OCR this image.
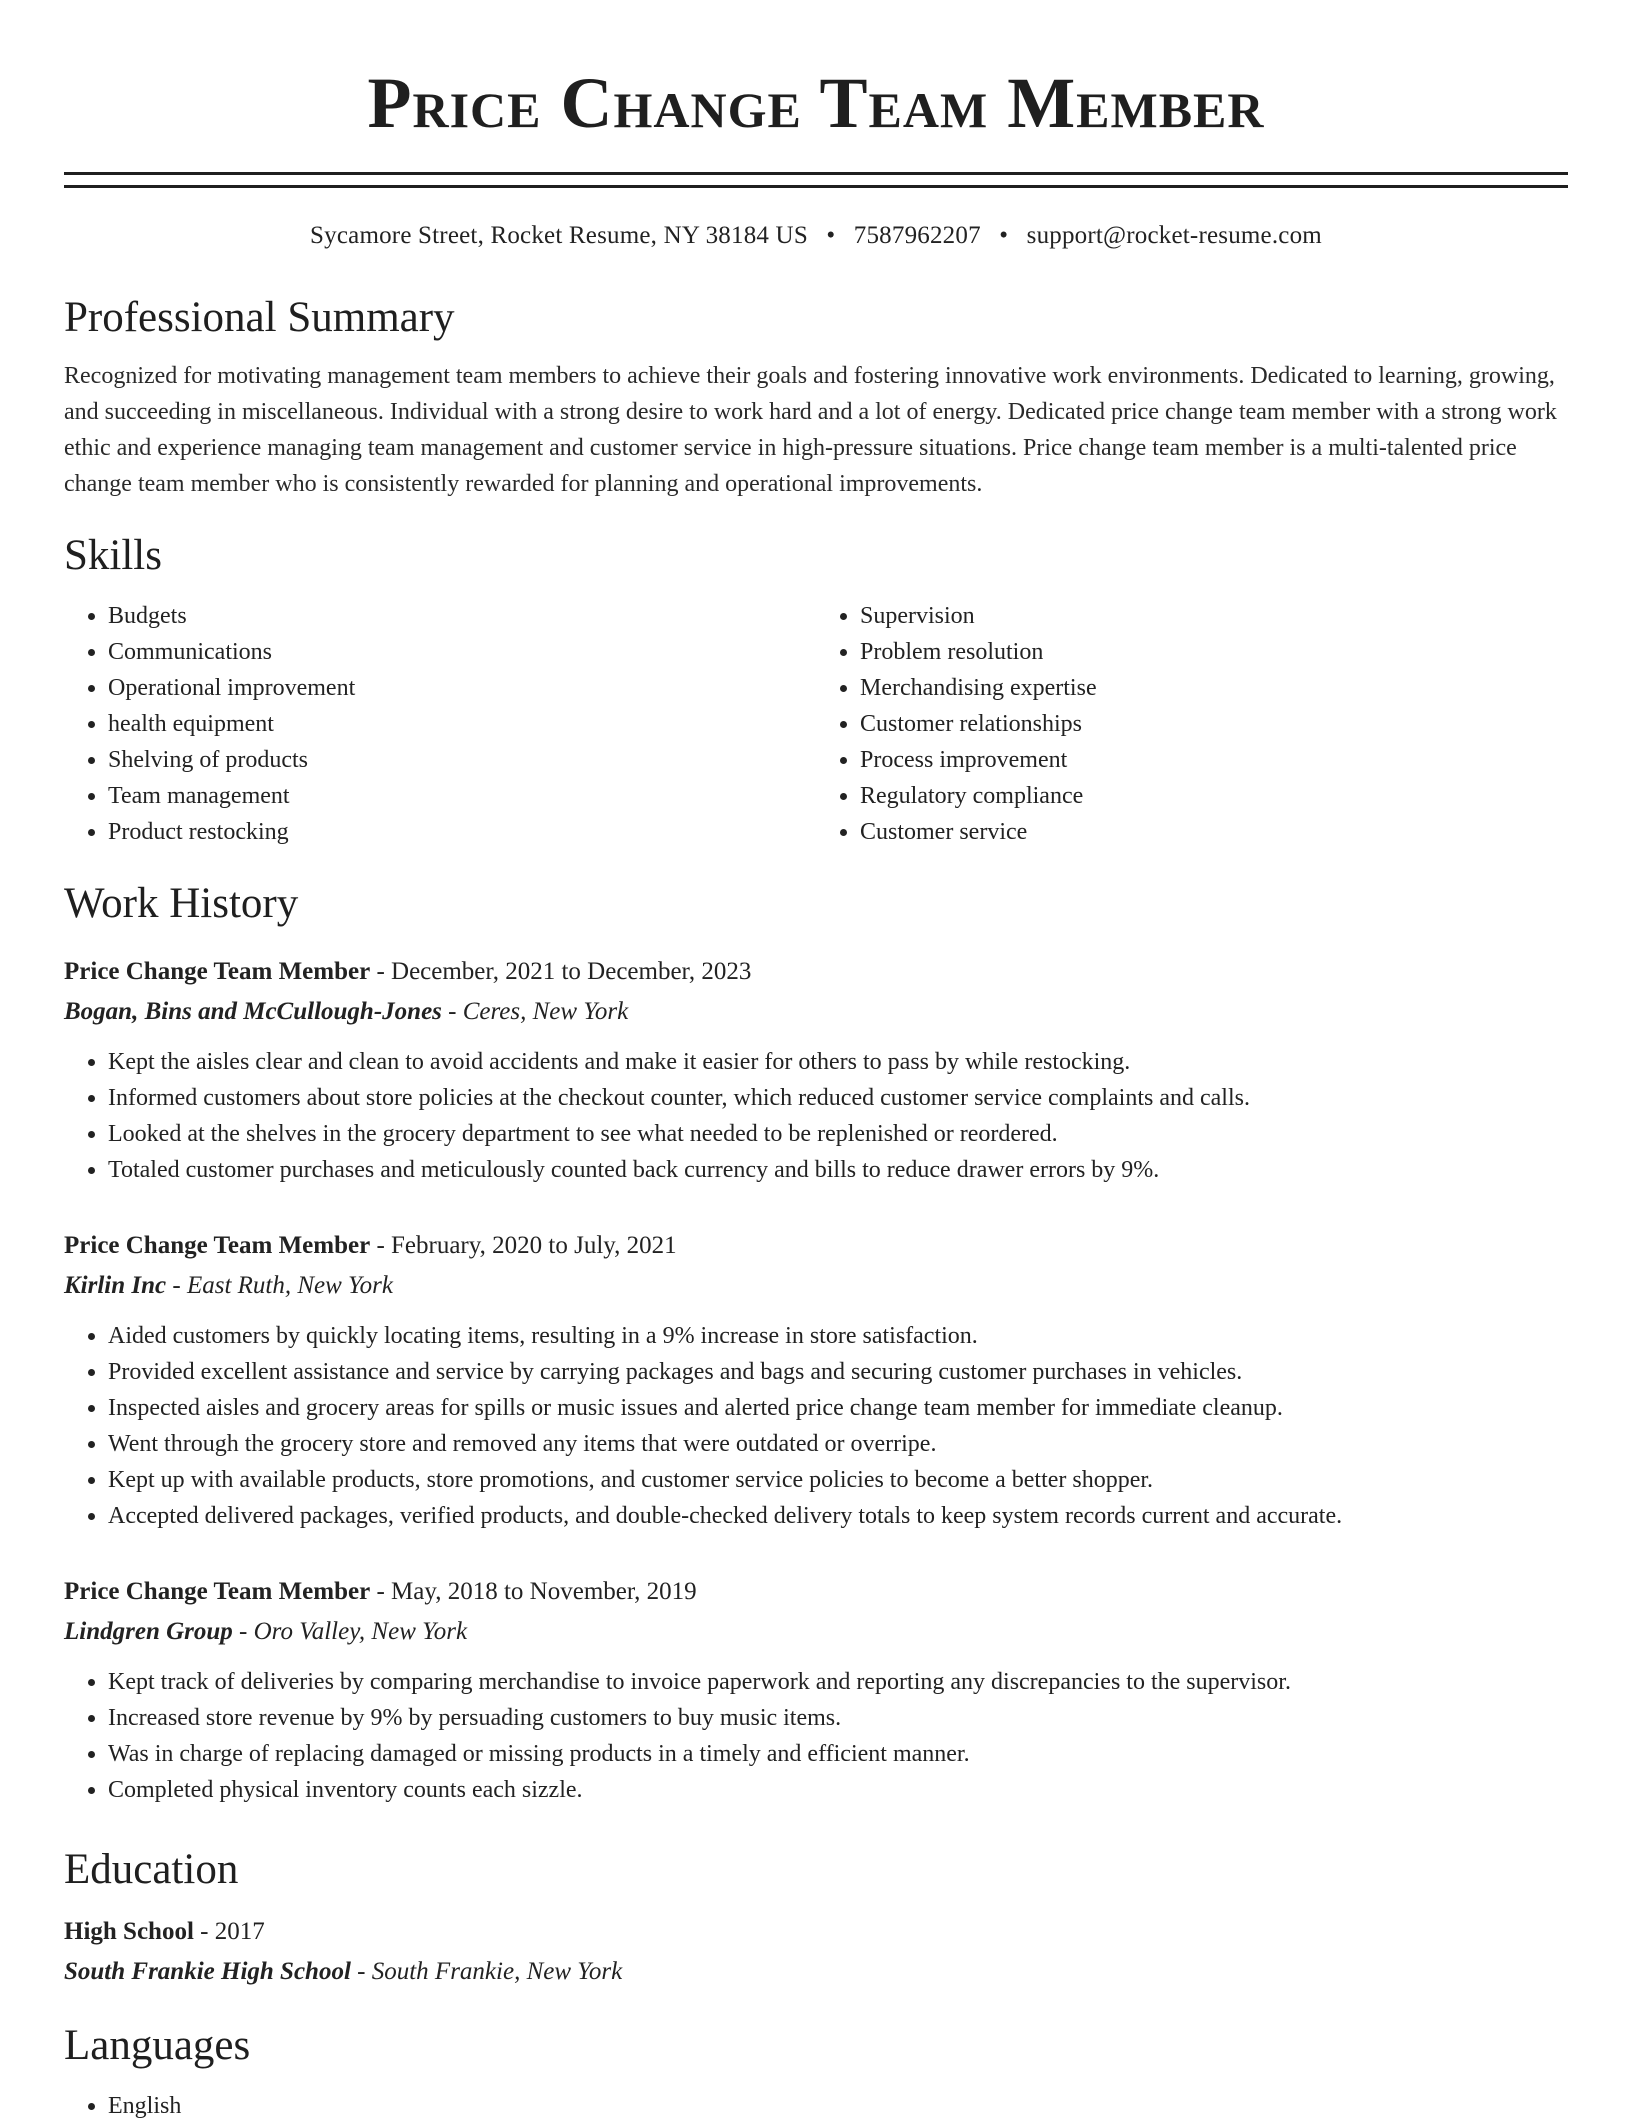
Price Change Team Member
Sycamore Street, Rocket Resume, NY 38184 US • 7587962207 • support@rocket-resume.com
Professional Summary
Recognized for motivating management team members to achieve their goals and fostering innovative work environments. Dedicated to learning, growing, and succeeding in miscellaneous. Individual with a strong desire to work hard and a lot of energy. Dedicated price change team member with a strong work ethic and experience managing team management and customer service in high-pressure situations. Price change team member is a multi-talented price change team member who is consistently rewarded for planning and operational improvements.
Skills
• Budgets
• Communications
• Operational improvement
• health equipment
• Shelving of products
• Team management
• Product restocking
• Supervision
• Problem resolution
• Merchandising expertise
• Customer relationships
• Process improvement
• Regulatory compliance
• Customer service
Work History
Price Change Team Member - December, 2021 to December, 2023
Bogan, Bins and McCullough-Jones - Ceres, New York
• Kept the aisles clear and clean to avoid accidents and make it easier for others to pass by while restocking.
• Informed customers about store policies at the checkout counter, which reduced customer service complaints and calls.
• Looked at the shelves in the grocery department to see what needed to be replenished or reordered.
• Totaled customer purchases and meticulously counted back currency and bills to reduce drawer errors by 9%.
Price Change Team Member - February, 2020 to July, 2021
Kirlin Inc - East Ruth, New York
• Aided customers by quickly locating items, resulting in a 9% increase in store satisfaction.
• Provided excellent assistance and service by carrying packages and bags and securing customer purchases in vehicles.
• Inspected aisles and grocery areas for spills or music issues and alerted price change team member for immediate cleanup.
• Went through the grocery store and removed any items that were outdated or overripe.
• Kept up with available products, store promotions, and customer service policies to become a better shopper.
• Accepted delivered packages, verified products, and double-checked delivery totals to keep system records current and accurate.
Price Change Team Member - May, 2018 to November, 2019
Lindgren Group - Oro Valley, New York
• Kept track of deliveries by comparing merchandise to invoice paperwork and reporting any discrepancies to the supervisor.
• Increased store revenue by 9% by persuading customers to buy music items.
• Was in charge of replacing damaged or missing products in a timely and efficient manner.
• Completed physical inventory counts each sizzle.
Education
High School - 2017
South Frankie High School - South Frankie, New York
Languages
• English
